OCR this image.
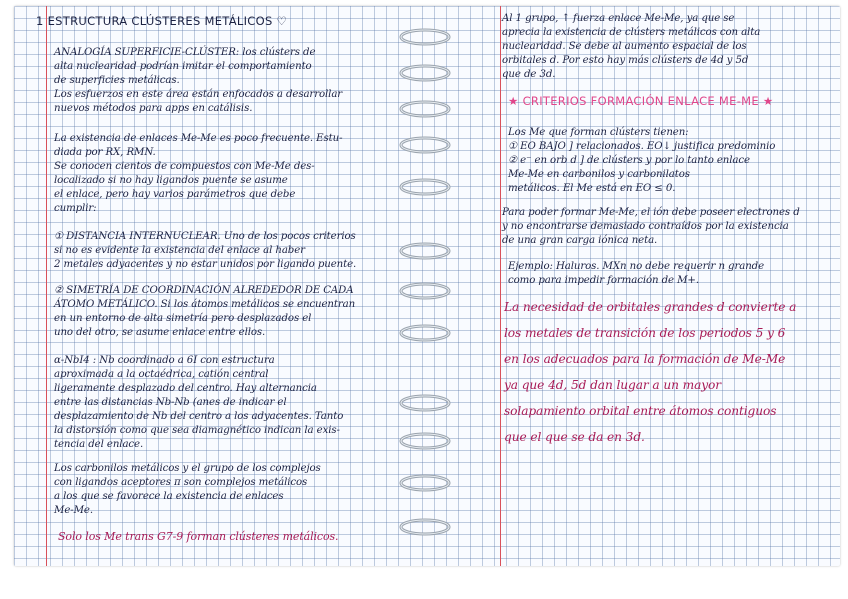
1 ESTRUCTURA CLÚSTERES METÁLICOS ♡

ANALOGÍA SUPERFICIE-CLÚSTER: los clústers de
alta nuclearidad podrían imitar el comportamiento
de superficies metálicas.
Los esfuerzos en este área están enfocados a desarrollar
nuevos métodos para apps en catálisis.

La existencia de enlaces Me-Me es poco frecuente. Estu-
diada por RX, RMN.
Se conocen cientos de compuestos con Me-Me des-
localizado si no hay ligandos puente se asume
el enlace, pero hay varios parámetros que debe
cumplir:

① DISTANCIA INTERNUCLEAR. Uno de los pocos criterios
si no es evidente la existencia del enlace al haber
2 metales adyacentes y no estar unidos por ligando puente.

② SIMETRÍA DE COORDINACIÓN ALREDEDOR DE CADA
ÁTOMO METÁLICO. Si los átomos metálicos se encuentran
en un entorno de alta simetría pero desplazados el
uno del otro, se asume enlace entre ellos.

α-NbI4 : Nb coordinado a 6I con estructura
aproximada a la octaédrica, catión central
ligeramente desplazado del centro. Hay alternancia
entre las distancias Nb-Nb (anes de indicar el
desplazamiento de Nb del centro a los adyacentes. Tanto
la distorsión como que sea diamagnético indican la exis-
tencia del enlace.

Los carbonilos metálicos y el grupo de los complejos
con ligandos aceptores π son complejos metálicos
a los que se favorece la existencia de enlaces
Me-Me.

Solo los Me trans G7-9 forman clústeres metálicos.

Al 1 grupo, ↑ fuerza enlace Me-Me, ya que se
aprecia la existencia de clústers metálicos con alta
nuclearidad. Se debe al aumento espacial de los
orbitales d. Por esto hay más clústers de 4d y 5d
que de 3d.

★ CRITERIOS FORMACIÓN ENLACE ME-ME ★

Los Me que forman clústers tienen:
① EO BAJO ] relacionados. EO↓ justifica predominio
② e⁻ en orb d ] de clústers y por lo tanto enlace
Me-Me en carbonilos y carbonilatos
metálicos. El Me está en EO ≤ 0.

Para poder formar Me-Me, el ión debe poseer electrones d
y no encontrarse demasiado contraídos por la existencia
de una gran carga iónica neta.

Ejemplo: Haluros. MXn no debe requerir n grande
como para impedir formación de M+.

La necesidad de orbitales grandes d convierte a
los metales de transición de los periodos 5 y 6
en los adecuados para la formación de Me-Me
ya que 4d, 5d dan lugar a un mayor
solapamiento orbital entre átomos contiguos
que el que se da en 3d.
